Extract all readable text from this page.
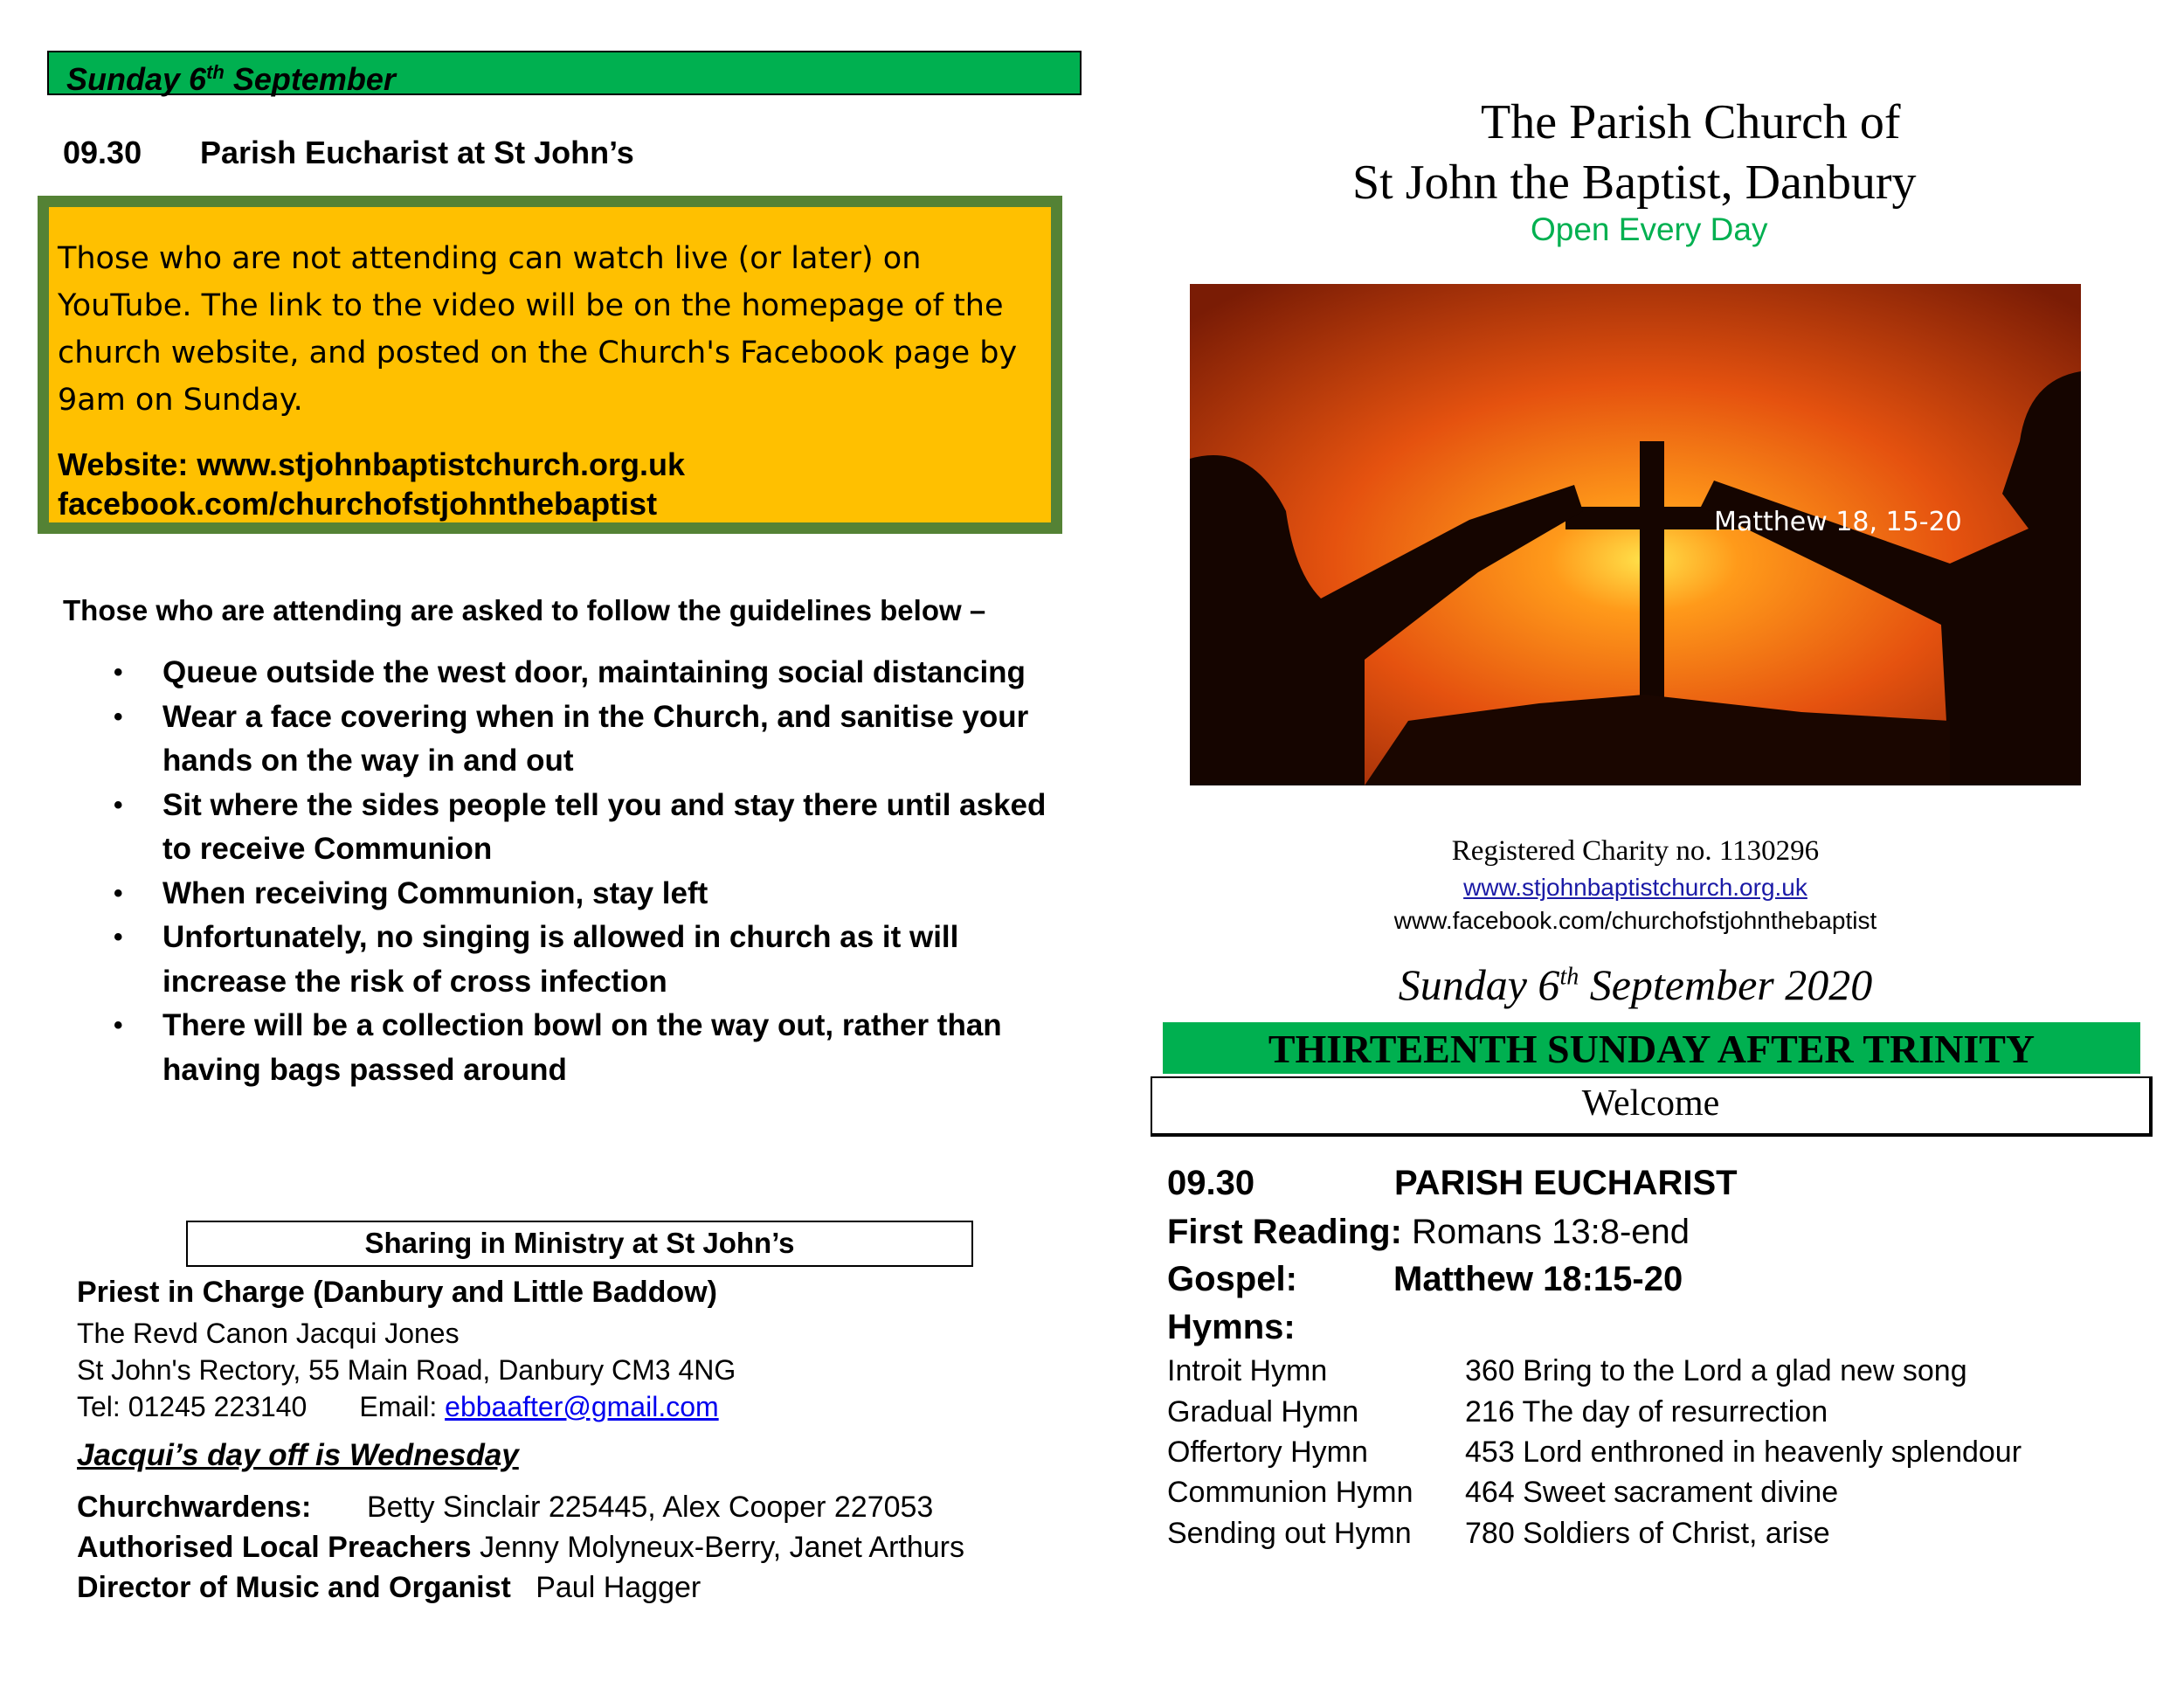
Sunday 6th September
09.30 Parish Eucharist at St John’s
Those who are not attending can watch live (or later) on YouTube. The link to the video will be on the homepage of the church website, and posted on the Church's Facebook page by 9am on Sunday.
Website: www.stjohnbaptistchurch.org.uk
facebook.com/churchofstjohnthebaptist
Those who are attending are asked to follow the guidelines below –
• Queue outside the west door, maintaining social distancing
• Wear a face covering when in the Church, and sanitise your hands on the way in and out
• Sit where the sides people tell you and stay there until asked to receive Communion
• When receiving Communion, stay left
• Unfortunately, no singing is allowed in church as it will increase the risk of cross infection
• There will be a collection bowl on the way out, rather than having bags passed around
Sharing in Ministry at St John’s
Priest in Charge (Danbury and Little Baddow)
The Revd Canon Jacqui Jones
St John's Rectory, 55 Main Road, Danbury CM3 4NG
Tel: 01245 223140 Email: ebbaafter@gmail.com
Jacqui’s day off is Wednesday
Churchwardens: Betty Sinclair 225445, Alex Cooper 227053
Authorised Local Preachers Jenny Molyneux-Berry, Janet Arthurs
Director of Music and Organist Paul Hagger
The Parish Church of
St John the Baptist, Danbury
Open Every Day
Matthew 18, 15-20
Registered Charity no. 1130296
www.stjohnbaptistchurch.org.uk
www.facebook.com/churchofstjohnthebaptist
Sunday 6th September 2020
THIRTEENTH SUNDAY AFTER TRINITY
Welcome
09.30	PARISH EUCHARIST
First Reading: Romans 13:8-end
Gospel:	Matthew 18:15-20
Hymns:
Introit Hymn	360 Bring to the Lord a glad new song
Gradual Hymn	216 The day of resurrection
Offertory Hymn	453 Lord enthroned in heavenly splendour
Communion Hymn 464 Sweet sacrament divine
Sending out Hymn 780 Soldiers of Christ, arise
